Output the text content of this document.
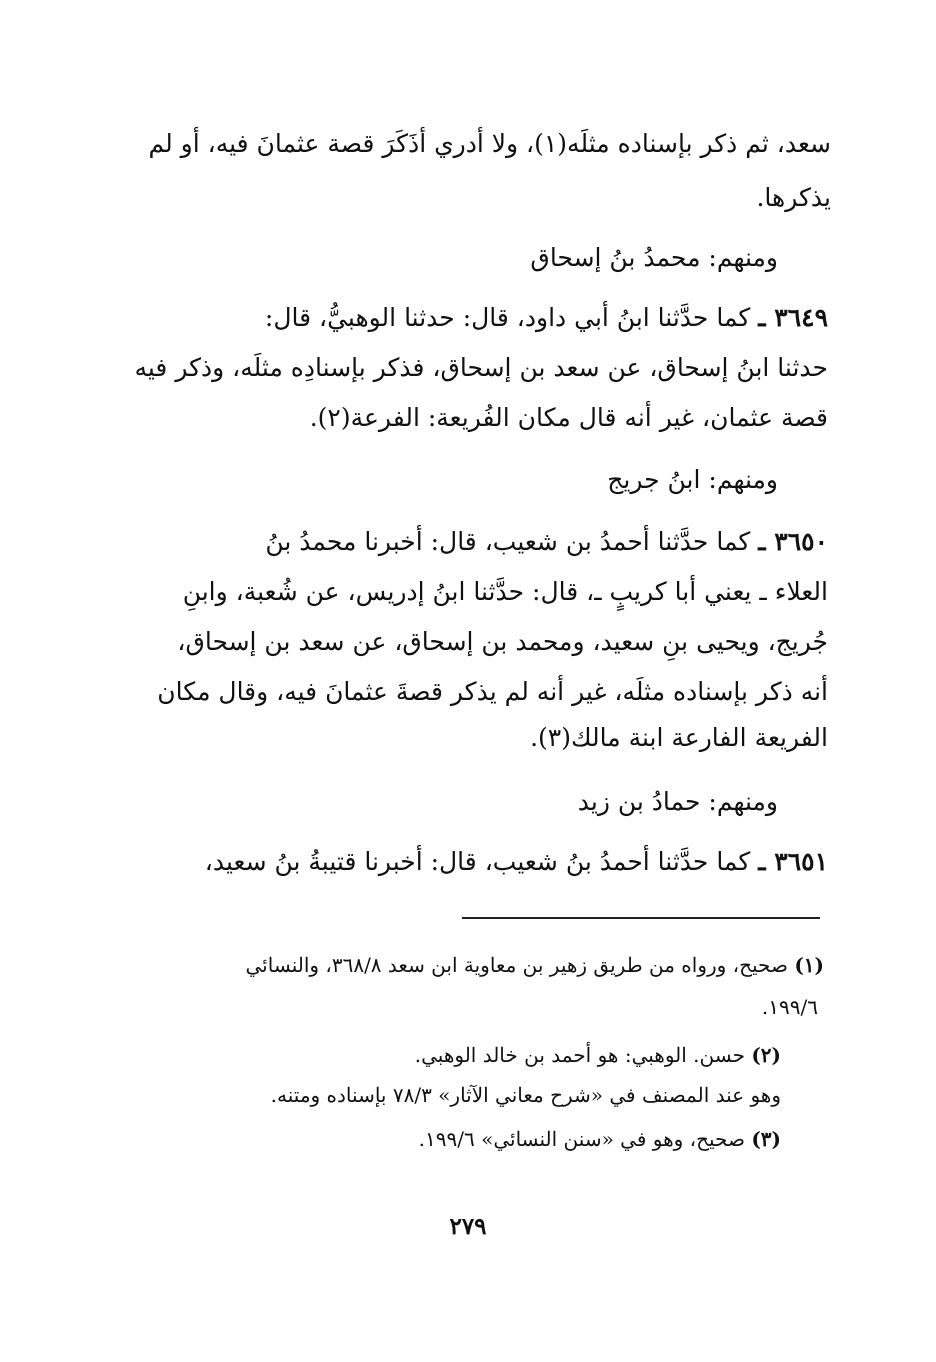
سعد، ثم ذكر بإسناده مثلَه(١)، ولا أدري أذَكَرَ قصة عثمانَ فيه، أو لم

يذكرها.

ومنهم: محمدُ بنُ إسحاق

٣٦٤٩ ـ كما حدَّثنا ابنُ أبي داود، قال: حدثنا الوهبيُّ، قال:

حدثنا ابنُ إسحاق، عن سعد بن إسحاق، فذكر بإسنادِه مثلَه، وذكر فيه

قصة عثمان، غير أنه قال مكان الفُريعة: الفرعة(٢).

ومنهم: ابنُ جريج

٣٦٥٠ ـ كما حدَّثنا أحمدُ بن شعيب، قال: أخبرنا محمدُ بنُ

العلاء ـ يعني أبا كريبٍ ـ، قال: حدَّثنا ابنُ إدريس، عن شُعبة، وابنِ

جُريج، ويحيى بنِ سعيد، ومحمد بن إسحاق، عن سعد بن إسحاق،

أنه ذكر بإسناده مثلَه، غير أنه لم يذكر قصةَ عثمانَ فيه، وقال مكان

الفريعة الفارعة ابنة مالك(٣).

ومنهم: حمادُ بن زيد

٣٦٥١ ـ كما حدَّثنا أحمدُ بنُ شعيب، قال: أخبرنا قتيبةُ بنُ سعيد،

(١) صحيح، ورواه من طريق زهير بن معاوية ابن سعد ٣٦٨/٨، والنسائي

١٩٩/٦.

(٢) حسن. الوهبي: هو أحمد بن خالد الوهبي.

وهو عند المصنف في «شرح معاني الآثار» ٧٨/٣ بإسناده ومتنه.

(٣) صحيح، وهو في «سنن النسائي» ١٩٩/٦.

٢٧٩
